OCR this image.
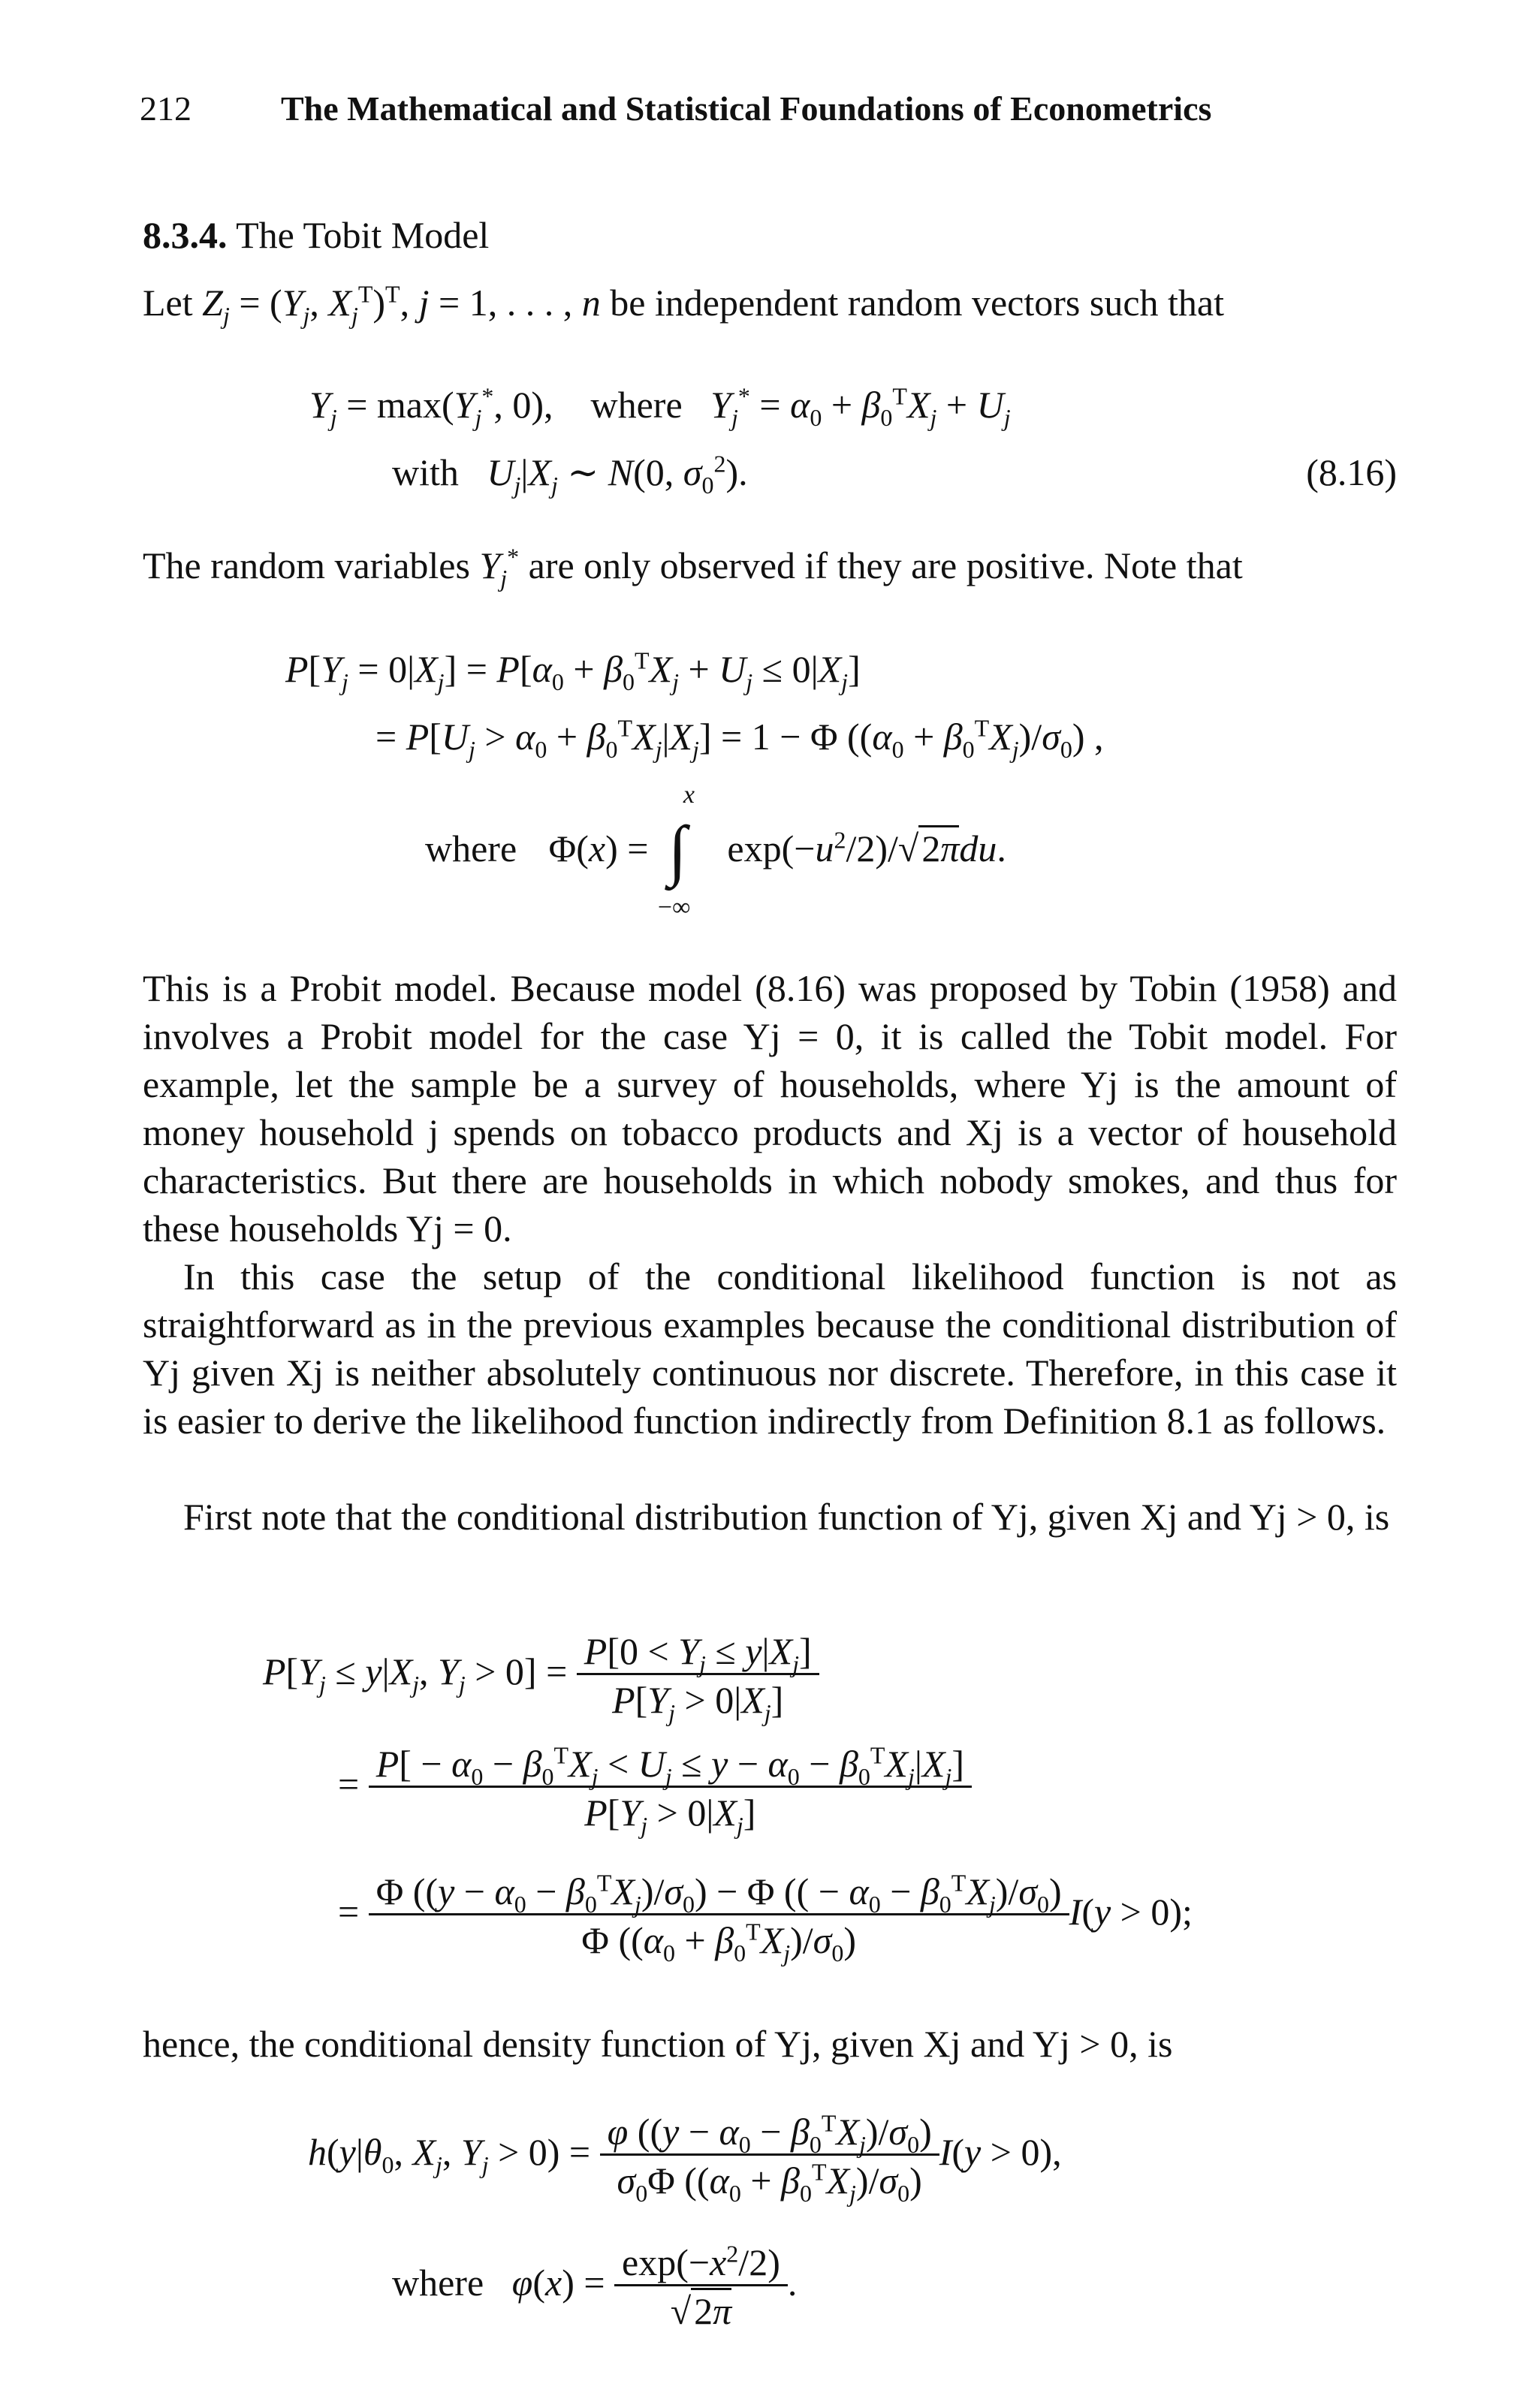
212	The Mathematical and Statistical Foundations of Econometrics
8.3.4. The Tobit Model
Let $Z_j = (Y_j$, $X_j^T)^T$, j = 1, . . . , n be independent random vectors such that
$Y_j = \max(Y_j^*$, 0),    where $Y_j^* = \alpha_0 + \beta_0^TX_j + U_j$
with $U_j|X_j$ ∼ N(0, $\sigma_0^2$).	(8.16)
The random variables $Y_j^*$ are only observed if they are positive. Note that
$P[Y_j = 0|X_j] = P[\alpha_0 + \beta_0^TX_j + U_j \le 0|X_j]$
= $P[U_j > \alpha_0 + \beta_0^TX_j|X_j] = 1 - \Phi$ $((\alpha_0 + \beta_0^TX_j)/\sigma_0)$ ,
where Φ(x) =
x
∫
−∞
$\exp(-u^2/2)/√2\pi du$.
This is a Probit model. Because model (8.16) was proposed by Tobin (1958) and involves a Probit model for the case Yj = 0, it is called the Tobit model. For example, let the sample be a survey of households, where Yj is the amount of money household j spends on tobacco products and Xj is a vector of household characteristics. But there are households in which nobody smokes, and thus for these households Yj = 0.
In this case the setup of the conditional likelihood function is not as straightforward as in the previous examples because the conditional distribution of Yj given Xj is neither absolutely continuous nor discrete. Therefore, in this case it is easier to derive the likelihood function indirectly from Definition 8.1 as follows.
First note that the conditional distribution function of Yj, given Xj and Yj > 0, is
$P[Y_j \le y|X_j$, $Y_j > 0] = \frac{P[0 < Y_j \le y|X_j]}{P[Y_j > 0|X_j]}$
= $\frac{P[ - \alpha_0 - \beta_0^TX_j < U_j \le y - \alpha_0 - \beta_0^TX_j|X_j]}{P[Y_j > 0|X_j]}$
= $\frac{\Phi ((y - \alpha_0 - \beta_0^TX_j)/\sigma_0) - \Phi (( - \alpha_0 - \beta_0^TX_j)/\sigma_0)}{\Phi ((\alpha_0 + \beta_0^TX_j)/\sigma_0)} I(y > 0)$;
hence, the conditional density function of Yj, given Xj and Yj > 0, is
$h(y|\theta_0$, $X_j$, $Y_j > 0) = \frac{\varphi ((y - \alpha_0 - \beta_0^TX_j)/\sigma_0)}{\sigma_0\Phi ((\alpha_0 + \beta_0^TX_j)/\sigma_0)} I(y > 0)$,
where $\varphi(x) = \frac{\exp(-x^2/2)}{√2\pi}$ .
